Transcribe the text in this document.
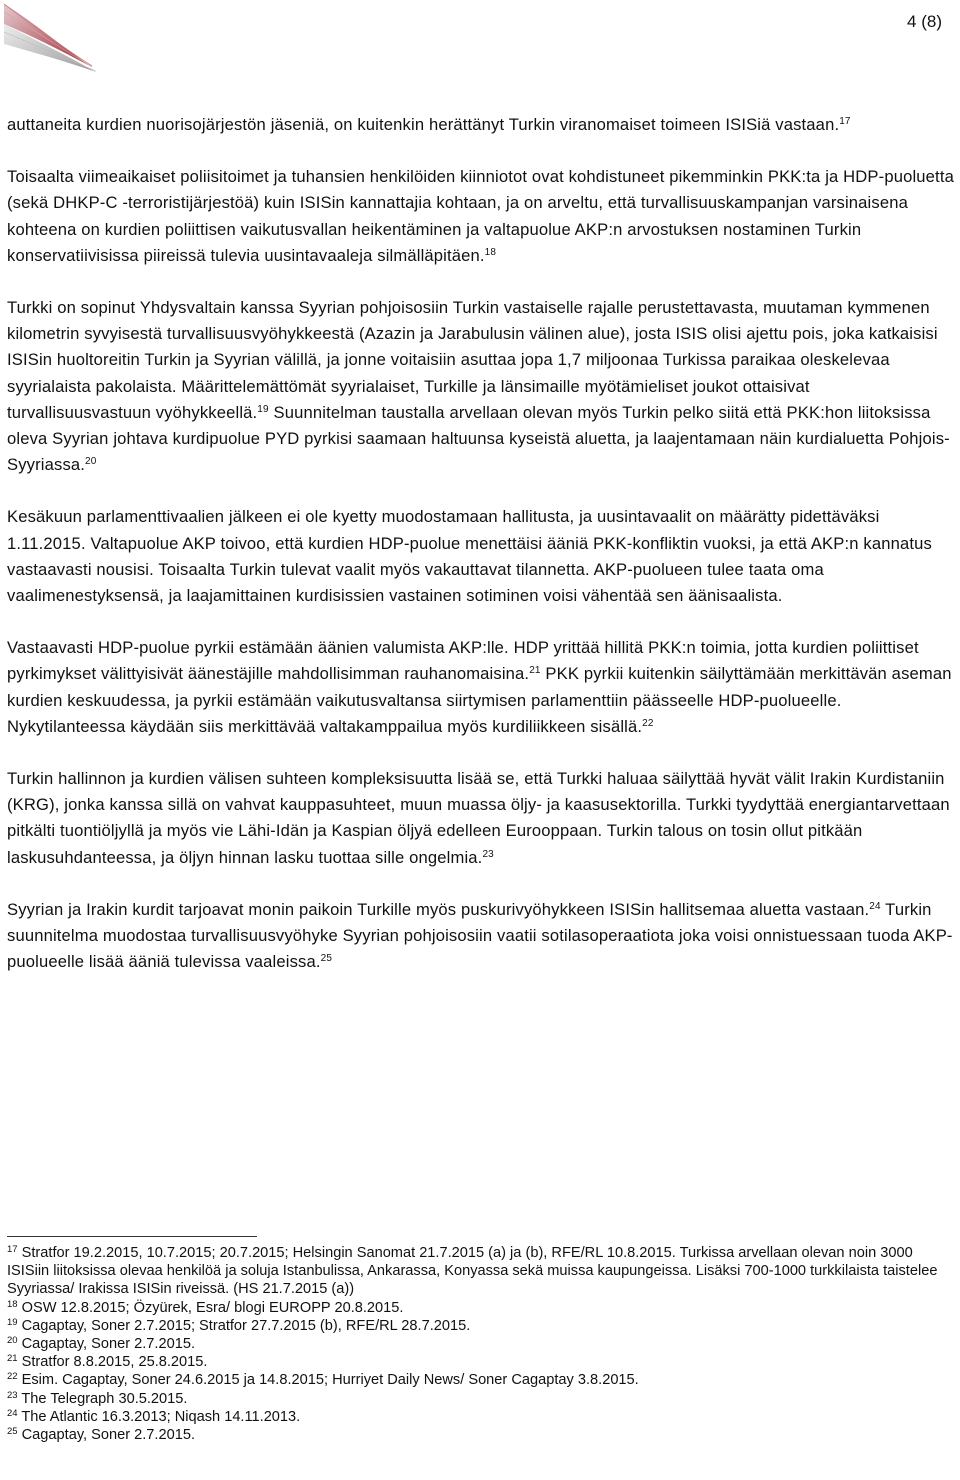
4 (8)

auttaneita kurdien nuorisojärjestön jäseniä, on kuitenkin herättänyt Turkin viranomaiset toimeen ISISiä vastaan.$^{17}$

Toisaalta viimeaikaiset poliisitoimet ja tuhansien henkilöiden kiinniotot ovat kohdistuneet pikemminkin PKK:ta ja HDP-puoluetta (sekä DHKP-C -terroristijärjestöä) kuin ISISin kannattajia kohtaan, ja on arveltu, että turvallisuuskampanjan varsinaisena kohteena on kurdien poliittisen vaikutusvallan heikentäminen ja valtapuolue AKP:n arvostuksen nostaminen Turkin konservatiivisissa piireissä tulevia uusintavaaleja silmälläpitäen.$^{18}$

Turkki on sopinut Yhdysvaltain kanssa Syyrian pohjoisosiin Turkin vastaiselle rajalle perustettavasta, muutaman kymmenen kilometrin syvyisestä turvallisuusvyöhykkeestä (Azazin ja Jarabulusin välinen alue), josta ISIS olisi ajettu pois, joka katkaisisi ISISin huoltoreitin Turkin ja Syyrian välillä, ja jonne voitaisiin asuttaa jopa 1,7 miljoonaa Turkissa paraikaa oleskelevaa syyrialaista pakolaista. Määrittelemättömät syyrialaiset, Turkille ja länsimaille myötämieliset joukot ottaisivat turvallisuusvastuun vyöhykkeellä.$^{19}$ Suunnitelman taustalla arvellaan olevan myös Turkin pelko siitä että PKK:hon liitoksissa oleva Syyrian johtava kurdipuolue PYD pyrkisi saamaan haltuunsa kyseistä aluetta, ja laajentamaan näin kurdialuetta Pohjois-Syyriassa.$^{20}$

Kesäkuun parlamenttivaalien jälkeen ei ole kyetty muodostamaan hallitusta, ja uusintavaalit on määrätty pidettäväksi 1.11.2015. Valtapuolue AKP toivoo, että kurdien HDP-puolue menettäisi ääniä PKK-konfliktin vuoksi, ja että AKP:n kannatus vastaavasti nousisi. Toisaalta Turkin tulevat vaalit myös vakauttavat tilannetta. AKP-puolueen tulee taata oma vaalimenestyksensä, ja laajamittainen kurdisissien vastainen sotiminen voisi vähentää sen äänisaalista.

Vastaavasti HDP-puolue pyrkii estämään äänien valumista AKP:lle. HDP yrittää hillitä PKK:n toimia, jotta kurdien poliittiset pyrkimykset välittyisivät äänestäjille mahdollisimman rauhanomaisina.$^{21}$ PKK pyrkii kuitenkin säilyttämään merkittävän aseman kurdien keskuudessa, ja pyrkii estämään vaikutusvaltansa siirtymisen parlamenttiin päässeelle HDP-puolueelle. Nykytilanteessa käydään siis merkittävää valtakamppailua myös kurdiliikkeen sisällä.$^{22}$

Turkin hallinnon ja kurdien välisen suhteen kompleksisuutta lisää se, että Turkki haluaa säilyttää hyvät välit Irakin Kurdistaniin (KRG), jonka kanssa sillä on vahvat kauppasuhteet, muun muassa öljy- ja kaasusektorilla. Turkki tyydyttää energiantarvettaan pitkälti tuontiöljyllä ja myös vie Lähi-Idän ja Kaspian öljyä edelleen Eurooppaan. Turkin talous on tosin ollut pitkään laskusuhdanteessa, ja öljyn hinnan lasku tuottaa sille ongelmia.$^{23}$

Syyrian ja Irakin kurdit tarjoavat monin paikoin Turkille myös puskurivyöhykkeen ISISin hallitsemaa aluetta vastaan.$^{24}$ Turkin suunnitelma muodostaa turvallisuusvyöhyke Syyrian pohjoisosiin vaatii sotilasoperaatiota joka voisi onnistuessaan tuoda AKP-puolueelle lisää ääniä tulevissa vaaleissa.$^{25}$

$^{17}$ Stratfor 19.2.2015, 10.7.2015; 20.7.2015; Helsingin Sanomat 21.7.2015 (a) ja (b), RFE/RL 10.8.2015. Turkissa arvellaan olevan noin 3000 ISISiin liitoksissa olevaa henkilöä ja soluja Istanbulissa, Ankarassa, Konyassa sekä muissa kaupungeissa. Lisäksi 700-1000 turkkilaista taistelee Syyriassa/ Irakissa ISISin riveissä. (HS 21.7.2015 (a))

$^{18}$ OSW 12.8.2015; Özyürek, Esra/ blogi EUROPP 20.8.2015.

$^{19}$ Cagaptay, Soner 2.7.2015; Stratfor 27.7.2015 (b), RFE/RL 28.7.2015.

$^{20}$ Cagaptay, Soner 2.7.2015.

$^{21}$ Stratfor 8.8.2015, 25.8.2015.

$^{22}$ Esim. Cagaptay, Soner 24.6.2015 ja 14.8.2015; Hurriyet Daily News/ Soner Cagaptay 3.8.2015.

$^{23}$ The Telegraph 30.5.2015.

$^{24}$ The Atlantic 16.3.2013; Niqash 14.11.2013.

$^{25}$ Cagaptay, Soner 2.7.2015.
